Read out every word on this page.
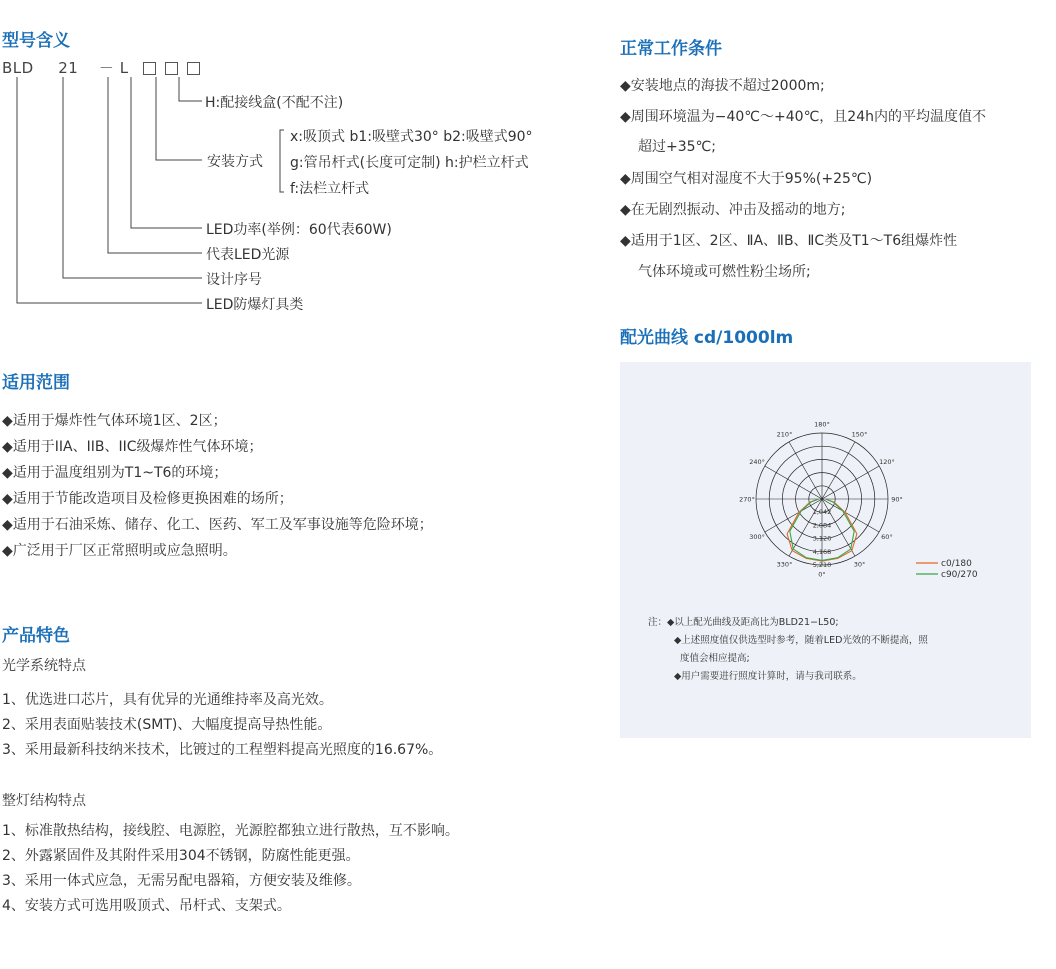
型号含义
BLD 21 － L
H:配接线盒(不配不注)
安装方式
x:吸顶式 b1:吸壁式30° b2:吸壁式90°
g:管吊杆式(长度可定制) h:护栏立杆式
f:法栏立杆式
LED功率(举例：60代表60W)
代表LED光源
设计序号
LED防爆灯具类
适用范围
◆适用于爆炸性气体环境1区、2区；
◆适用于IIA、IIB、IIC级爆炸性气体环境；
◆适用于温度组别为T1~T6的环境；
◆适用于节能改造项目及检修更换困难的场所；
◆适用于石油采炼、储存、化工、医药、军工及军事设施等危险环境；
◆广泛用于厂区正常照明或应急照明。
产品特色
光学系统特点
1、优选进口芯片，具有优异的光通维持率及高光效。
2、采用表面贴装技术(SMT)、大幅度提高导热性能。
3、采用最新科技纳米技术，比镀过的工程塑料提高光照度的16.67%。
整灯结构特点
1、标准散热结构，接线腔、电源腔，光源腔都独立进行散热，互不影响。
2、外露紧固件及其附件采用304不锈钢，防腐性能更强。
3、采用一体式应急，无需另配电器箱，方便安装及维修。
4、安装方式可选用吸顶式、吊杆式、支架式。
正常工作条件
◆安装地点的海拔不超过2000m;
◆周围环境温为−40℃～+40℃，且24h内的平均温度值不
超过+35℃;
◆周围空气相对湿度不大于95%(+25℃)
◆在无剧烈振动、冲击及摇动的地方;
◆适用于1区、2区、ⅡA、ⅡB、ⅡC类及T1～T6组爆炸性
气体环境或可燃性粉尘场所;
配光曲线 cd/1000lm
180°
150°
120°
90°
60°
30°
0°
330°
300°
270°
240°
210°
1,042
2,084
3,126
4,168
5,210	c0/180
c90/270
注：◆以上配光曲线及距高比为BLD21−L50;
◆上述照度值仅供选型时参考，随着LED光效的不断提高，照
度值会相应提高;
◆用户需要进行照度计算时，请与我司联系。
